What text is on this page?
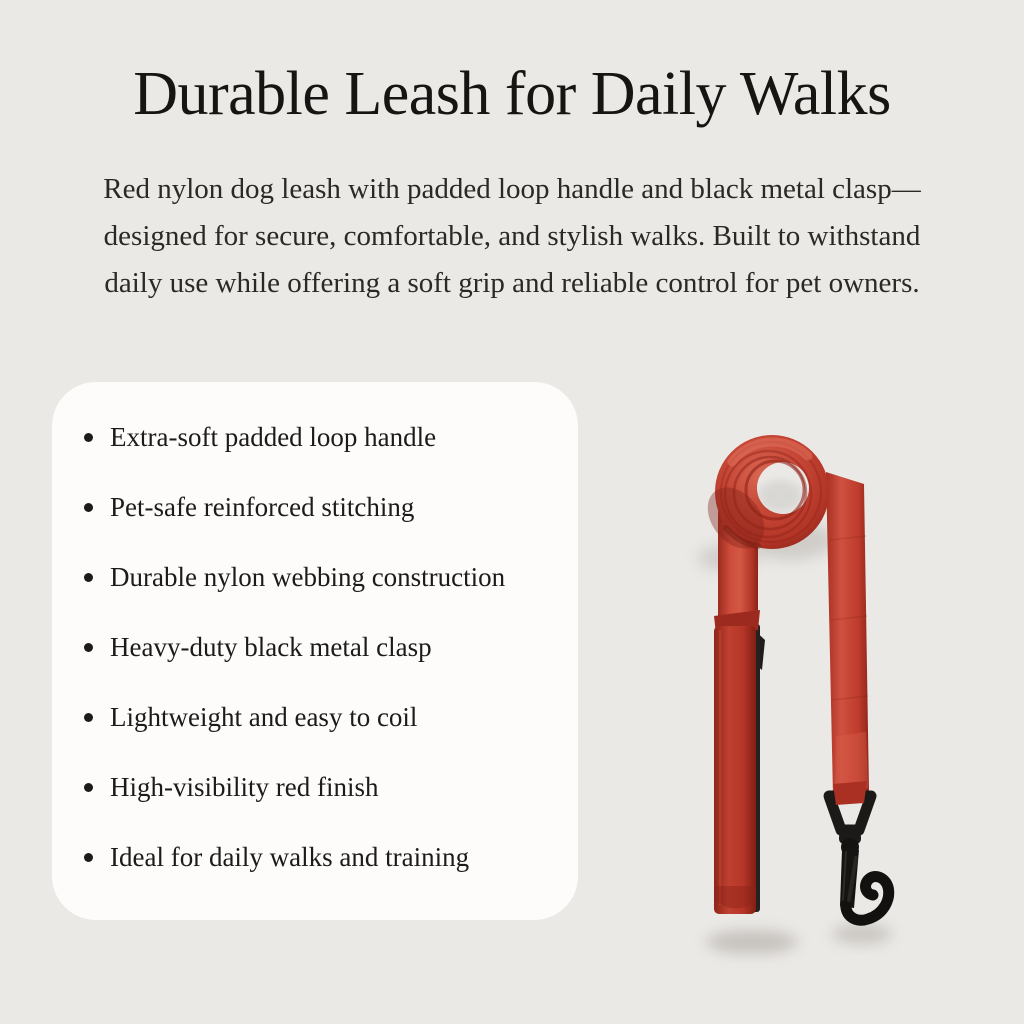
Durable Leash for Daily Walks

Red nylon dog leash with padded loop handle and black metal clasp—designed for secure, comfortable, and stylish walks. Built to withstand daily use while offering a soft grip and reliable control for pet owners.

Extra-soft padded loop handle
Pet-safe reinforced stitching
Durable nylon webbing construction
Heavy-duty black metal clasp
Lightweight and easy to coil
High-visibility red finish
Ideal for daily walks and training
